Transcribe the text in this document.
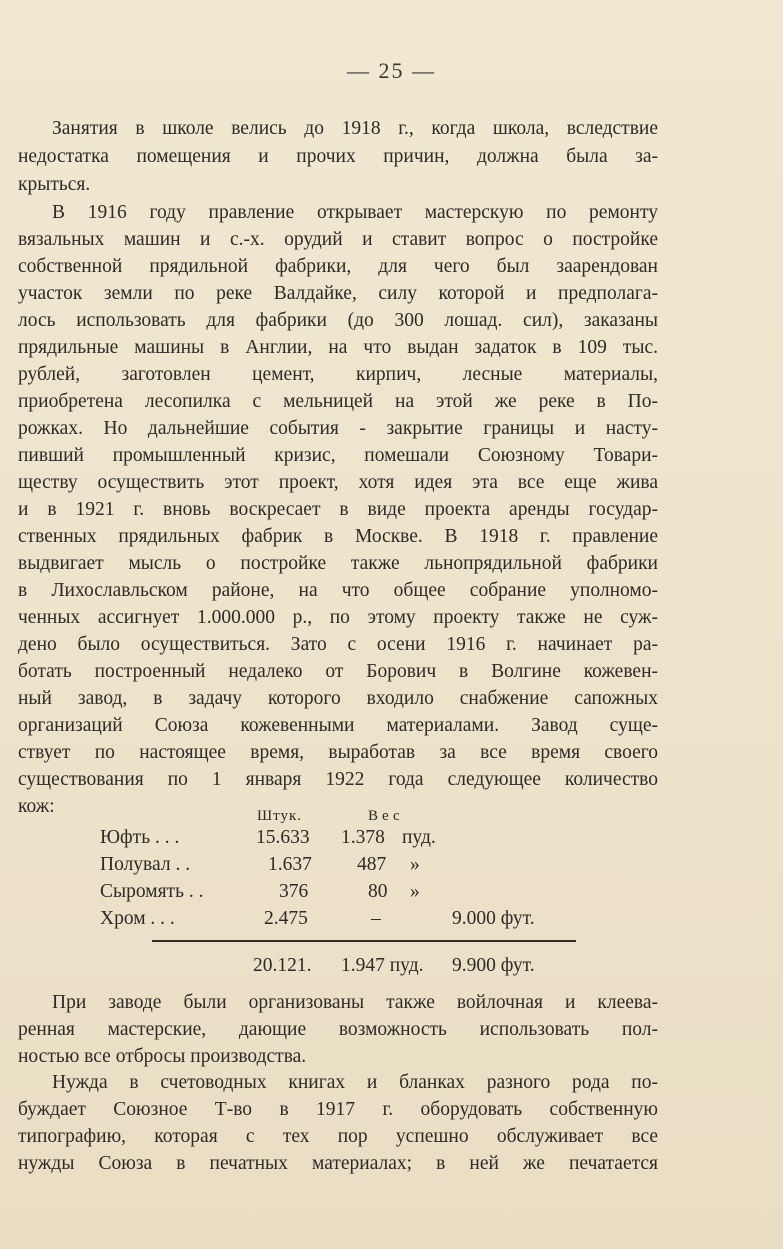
— 25 —
Занятия в школе велись до 1918 г., когда школа, вследствие
недостатка помещения и прочих причин, должна была за-
крыться.
В 1916 году правление открывает мастерскую по ремонту
вязальных машин и с.-х. орудий и ставит вопрос о постройке
собственной прядильной фабрики, для чего был заарендован
участок земли по реке Валдайке, силу которой и предполага-
лось использовать для фабрики (до 300 лошад. сил), заказаны
прядильные машины в Англии, на что выдан задаток в 109 тыс.
рублей, заготовлен цемент, кирпич, лесные материалы,
приобретена лесопилка с мельницей на этой же реке в По-
рожках. Но дальнейшие события - закрытие границы и насту-
пивший промышленный кризис, помешали Союзному Товари-
ществу осуществить этот проект, хотя идея эта все еще жива
и в 1921 г. вновь воскресает в виде проекта аренды государ-
ственных прядильных фабрик в Москве. В 1918 г. правление
выдвигает мысль о постройке также льнопрядильной фабрики
в Лихославльском районе, на что общее собрание уполномо-
ченных ассигнует 1.000.000 р., по этому проекту также не суж-
дено было осуществиться. Зато с осени 1916 г. начинает ра-
ботать построенный недалеко от Борович в Волгине кожевен-
ный завод, в задачу которого входило снабжение сапожных
организаций Союза кожевенными материалами. Завод суще-
ствует по настоящее время, выработав за все время своего
существования по 1 января 1922 года следующее количество
кож:	Штук.	Вес
Юфть . . .	15.633 1.378 пуд.
Полувал . .	1.637 487 »
Сыромять . .	376	80 »
Хром . . .	2.475	–	9.000 фут.
20.121. 1.947 пуд. 9.900 фут.
При заводе были организованы также войлочная и клеева-
ренная мастерские, дающие возможность использовать пол-
ностью все отбросы производства.
Нужда в счетоводных книгах и бланках разного рода по-
буждает Союзное Т-во в 1917 г. оборудовать собственную
типографию, которая с тех пор успешно обслуживает все
нужды Союза в печатных материалах; в ней же печатается
